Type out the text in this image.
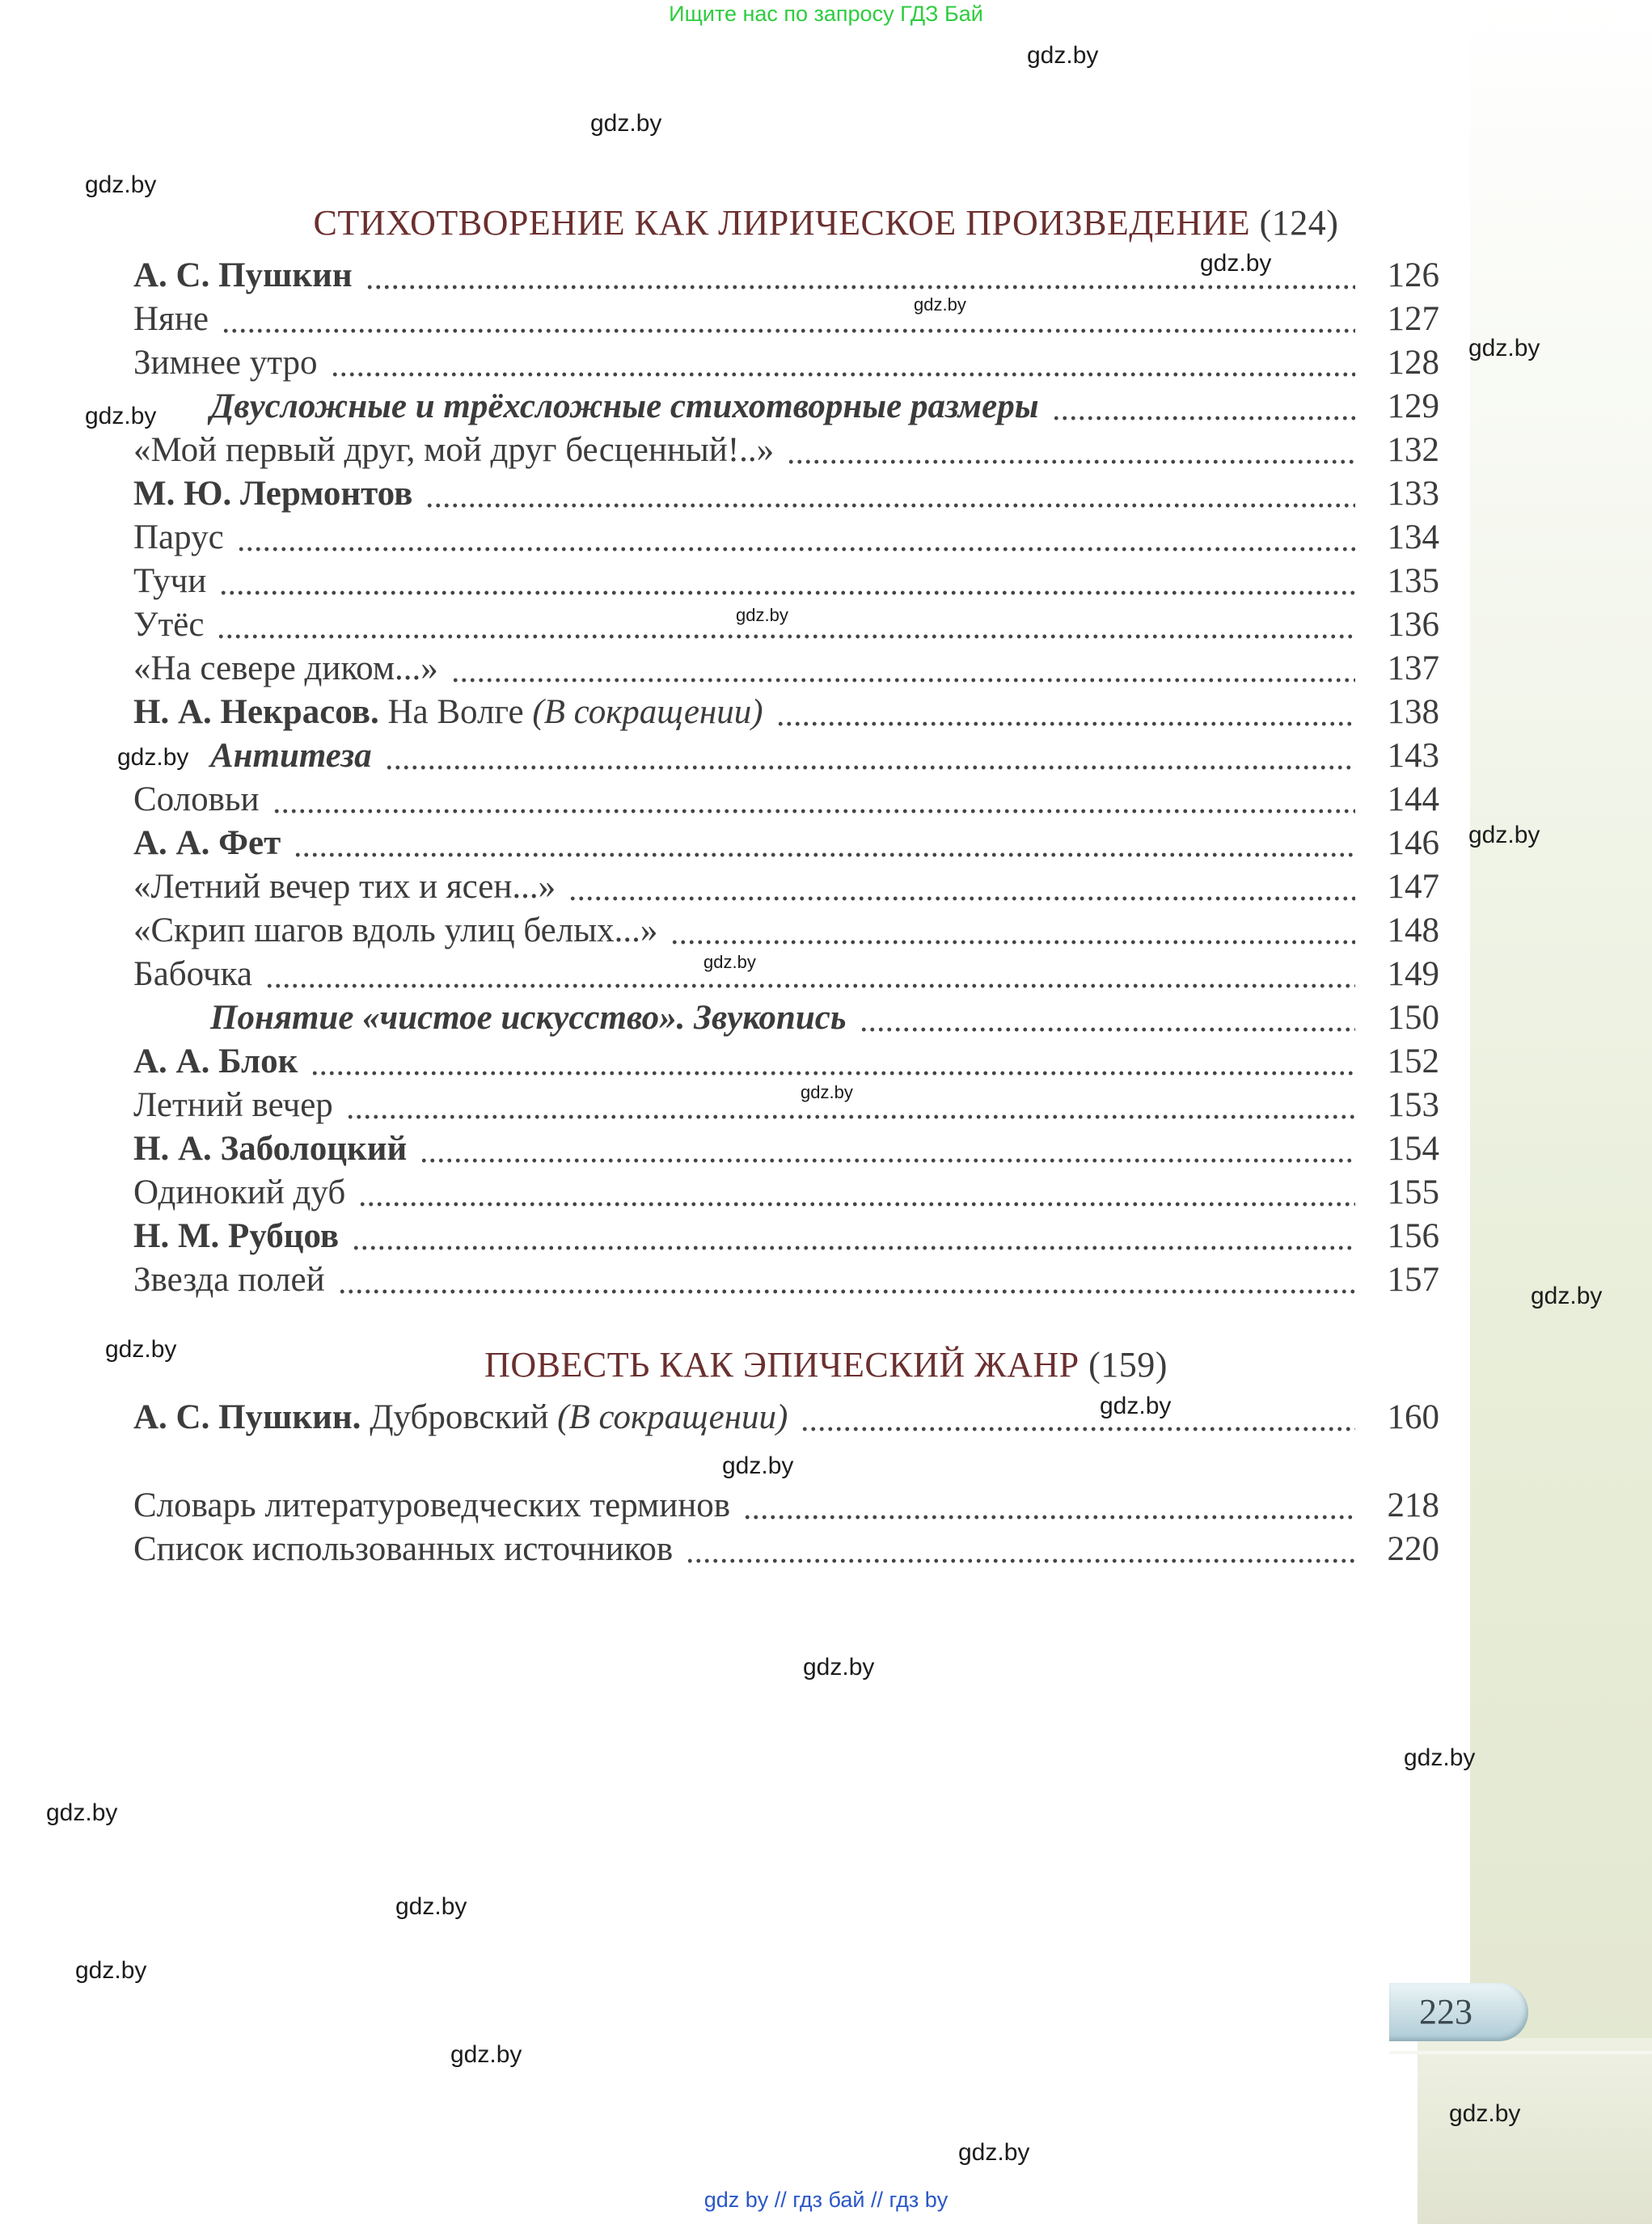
223
Ищите нас по запросу ГДЗ Бай
СТИХОТВОРЕНИЕ КАК ЛИРИЧЕСКОЕ ПРОИЗВЕДЕНИЕ (124)
А. С. Пушкин	126
Няне	127
Зимнее утро	128
Двусложные и трёхсложные стихотворные размеры	129
«Мой первый друг, мой друг бесценный!..»	132
М. Ю. Лермонтов	133
Парус	134
Тучи	135
Утёс	136
«На севере диком...»	137
Н. А. Некрасов. На Волге (В сокращении)	138
Антитеза	143
Соловьи	144
А. А. Фет	146
«Летний вечер тих и ясен...»	147
«Скрип шагов вдоль улиц белых...»	148
Бабочка	149
Понятие «чистое искусство». Звукопись	150
А. А. Блок	152
Летний вечер	153
Н. А. Заболоцкий	154
Одинокий дуб	155
Н. М. Рубцов	156
Звезда полей	157
ПОВЕСТЬ КАК ЭПИЧЕСКИЙ ЖАНР (159)
А. С. Пушкин. Дубровский (В сокращении)	160
Словарь литературоведческих терминов	218
Список использованных источников	220
gdz.by
gdz.by
gdz.by
gdz.by
gdz.by
gdz.by
gdz.by
gdz.by
gdz.by
gdz.by
gdz.by
gdz.by
gdz.by
gdz.by
gdz.by
gdz.by
gdz.by
gdz.by
gdz.by
gdz.by
gdz.by
gdz.by
gdz.by
gdz.by
gdz by // гдз бай // гдз by
